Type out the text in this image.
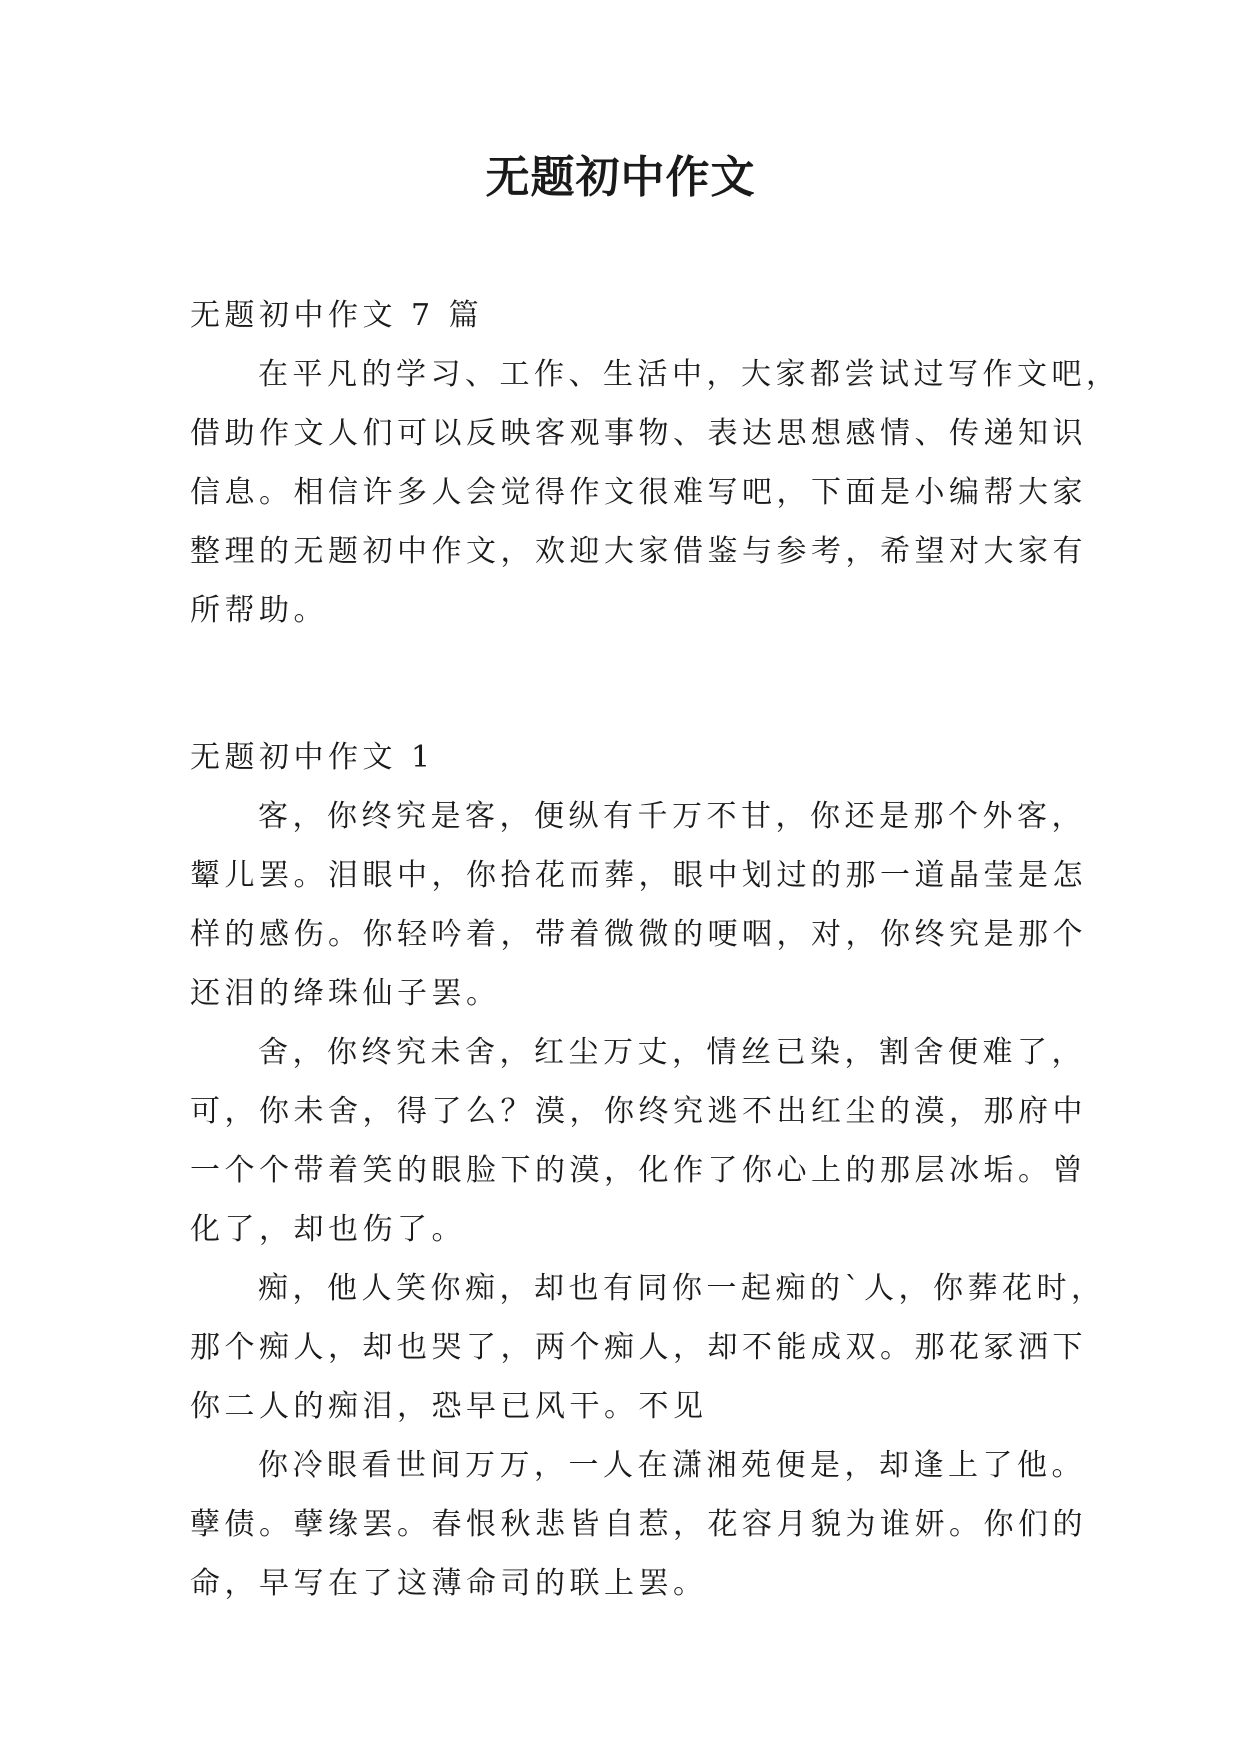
无题初中作文
无题初中作文 7 篇
在平凡的学习、工作、生活中，大家都尝试过写作文吧，
借助作文人们可以反映客观事物、表达思想感情、传递知识
信息。相信许多人会觉得作文很难写吧，下面是小编帮大家
整理的无题初中作文，欢迎大家借鉴与参考，希望对大家有
所帮助。
无题初中作文 1
客，你终究是客，便纵有千万不甘，你还是那个外客，
颦儿罢。泪眼中，你拾花而葬，眼中划过的那一道晶莹是怎
样的感伤。你轻吟着，带着微微的哽咽，对，你终究是那个
还泪的绛珠仙子罢。
舍，你终究未舍，红尘万丈，情丝已染，割舍便难了，
可，你未舍，得了么？漠，你终究逃不出红尘的漠，那府中
一个个带着笑的眼脸下的漠，化作了你心上的那层冰垢。曾
化了，却也伤了。
痴，他人笑你痴，却也有同你一起痴的`人，你葬花时，
那个痴人，却也哭了，两个痴人，却不能成双。那花冢洒下
你二人的痴泪，恐早已风干。不见
你冷眼看世间万万，一人在潇湘苑便是，却逢上了他。
孽债。孽缘罢。春恨秋悲皆自惹，花容月貌为谁妍。你们的
命，早写在了这薄命司的联上罢。
